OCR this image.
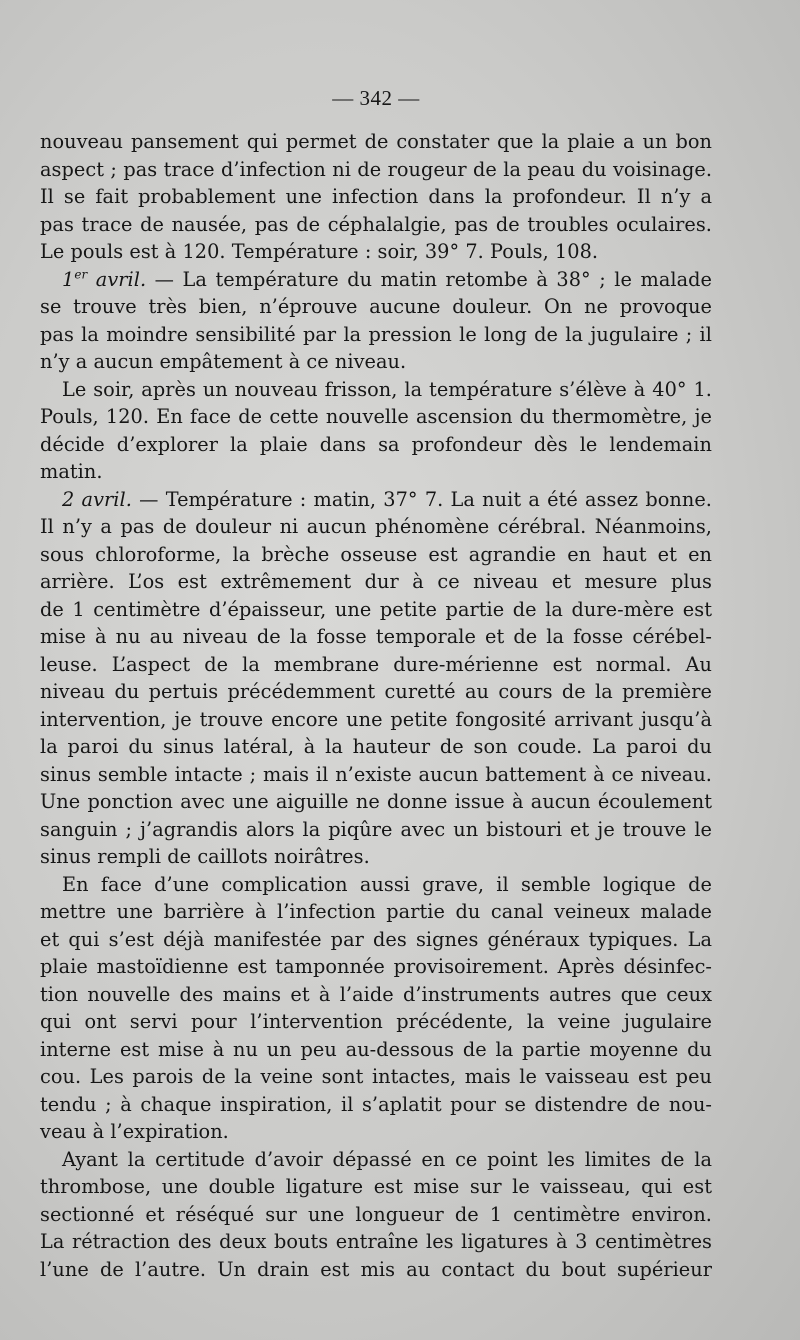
— 342 —
nouveau pansement qui permet de constater que la plaie a un bon
aspect ; pas trace d’infection ni de rougeur de la peau du voisinage.
Il se fait probablement une infection dans la profondeur. Il n’y a
pas trace de nausée, pas de céphalalgie, pas de troubles oculaires.
Le pouls est à 120. Température : soir, 39° 7. Pouls, 108.
1er avril. — La température du matin retombe à 38° ; le malade
se trouve très bien, n’éprouve aucune douleur. On ne provoque
pas la moindre sensibilité par la pression le long de la jugulaire ; il
n’y a aucun empâtement à ce niveau.
Le soir, après un nouveau frisson, la température s’élève à 40° 1.
Pouls, 120. En face de cette nouvelle ascension du thermomètre, je
décide d’explorer la plaie dans sa profondeur dès le lendemain
matin.
2 avril. — Température : matin, 37° 7. La nuit a été assez bonne.
Il n’y a pas de douleur ni aucun phénomène cérébral. Néanmoins,
sous chloroforme, la brèche osseuse est agrandie en haut et en
arrière. L’os est extrêmement dur à ce niveau et mesure plus
de 1 centimètre d’épaisseur, une petite partie de la dure-mère est
mise à nu au niveau de la fosse temporale et de la fosse cérébel-
leuse. L’aspect de la membrane dure-mérienne est normal. Au
niveau du pertuis précédemment curetté au cours de la première
intervention, je trouve encore une petite fongosité arrivant jusqu’à
la paroi du sinus latéral, à la hauteur de son coude. La paroi du
sinus semble intacte ; mais il n’existe aucun battement à ce niveau.
Une ponction avec une aiguille ne donne issue à aucun écoulement
sanguin ; j’agrandis alors la piqûre avec un bistouri et je trouve le
sinus rempli de caillots noirâtres.
En face d’une complication aussi grave, il semble logique de
mettre une barrière à l’infection partie du canal veineux malade
et qui s’est déjà manifestée par des signes généraux typiques. La
plaie mastoïdienne est tamponnée provisoirement. Après désinfec-
tion nouvelle des mains et à l’aide d’instruments autres que ceux
qui ont servi pour l’intervention précédente, la veine jugulaire
interne est mise à nu un peu au-dessous de la partie moyenne du
cou. Les parois de la veine sont intactes, mais le vaisseau est peu
tendu ; à chaque inspiration, il s’aplatit pour se distendre de nou-
veau à l’expiration.
Ayant la certitude d’avoir dépassé en ce point les limites de la
thrombose, une double ligature est mise sur le vaisseau, qui est
sectionné et réséqué sur une longueur de 1 centimètre environ.
La rétraction des deux bouts entraîne les ligatures à 3 centimètres
l’une de l’autre. Un drain est mis au contact du bout supérieur
